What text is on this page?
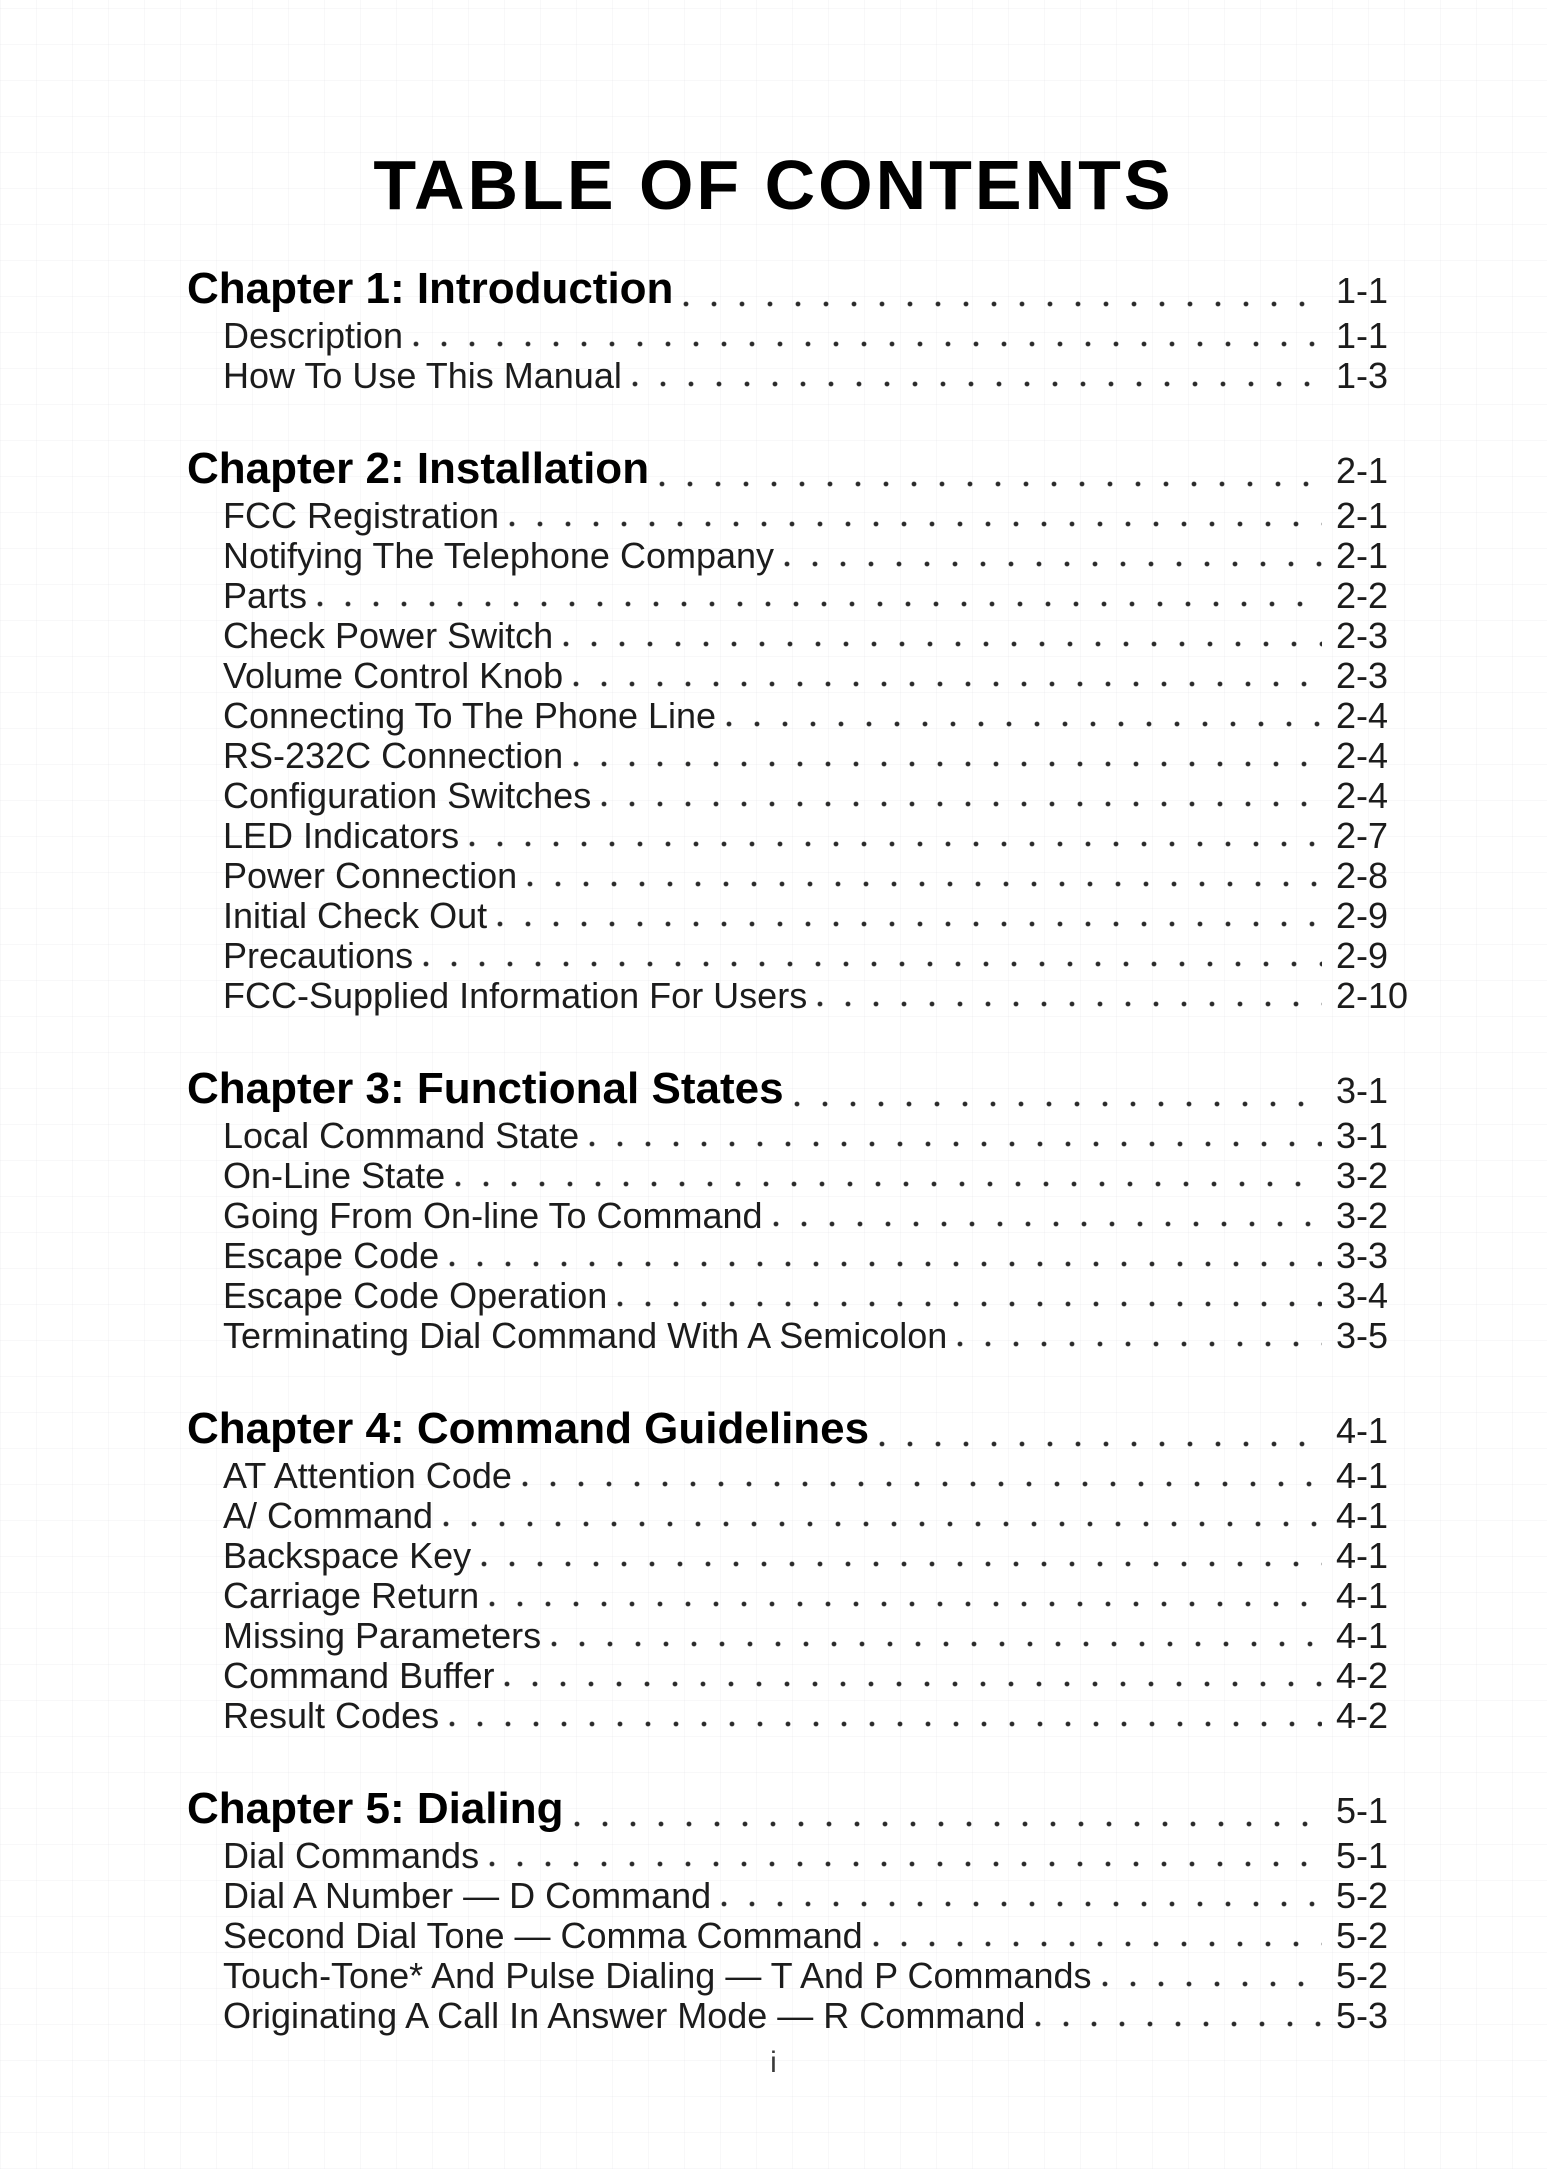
TABLE OF CONTENTS
Chapter 1: Introduction	1-1
Description	1-1
How To Use This Manual	1-3
Chapter 2: Installation	2-1
FCC Registration	2-1
Notifying The Telephone Company	2-1
Parts	2-2
Check Power Switch	2-3
Volume Control Knob	2-3
Connecting To The Phone Line	2-4
RS-232C Connection	2-4
Configuration Switches	2-4
LED Indicators	2-7
Power Connection	2-8
Initial Check Out	2-9
Precautions	2-9
FCC-Supplied Information For Users	2-10
Chapter 3: Functional States	3-1
Local Command State	3-1
On-Line State	3-2
Going From On-line To Command	3-2
Escape Code	3-3
Escape Code Operation	3-4
Terminating Dial Command With A Semicolon	3-5
Chapter 4: Command Guidelines	4-1
AT Attention Code	4-1
A/ Command	4-1
Backspace Key	4-1
Carriage Return	4-1
Missing Parameters	4-1
Command Buffer	4-2
Result Codes	4-2
Chapter 5: Dialing	5-1
Dial Commands	5-1
Dial A Number — D Command	5-2
Second Dial Tone — Comma Command	5-2
Touch-Tone* And Pulse Dialing — T And P Commands	5-2
Originating A Call In Answer Mode — R Command	5-3
i
